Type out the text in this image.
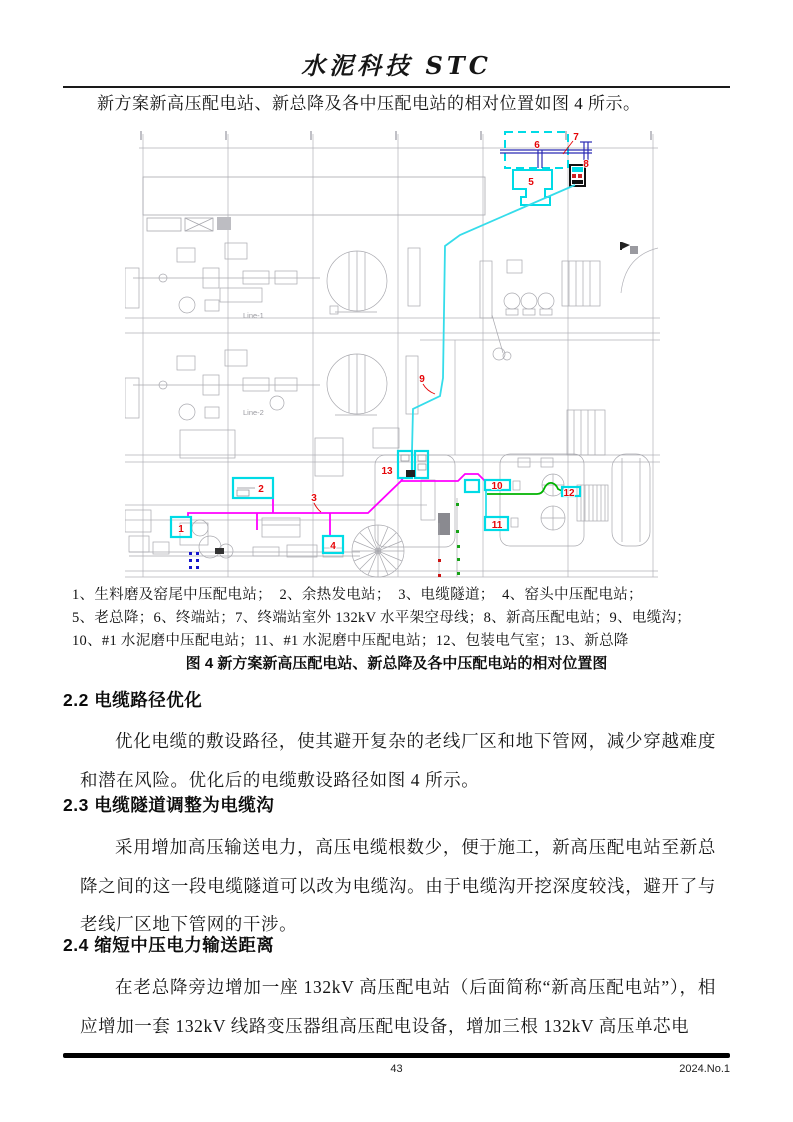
水泥科技 STC
新方案新高压配电站、新总降及各中压配电站的相对位置如图 4 所示。
Line-1
Line-2
1
2
3
4
5
6
7
8
9
10
11
12
13
1、生料磨及窑尾中压配电站；　2、余热发电站；　3、电缆隧道；　4、窑头中压配电站；
5、老总降；6、终端站；7、终端站室外 132kV 水平架空母线；8、新高压配电站；9、电缆沟；
10、#1 水泥磨中压配电站；11、#1 水泥磨中压配电站；12、包装电气室；13、新总降
图 4 新方案新高压配电站、新总降及各中压配电站的相对位置图
2.2 电缆路径优化
优化电缆的敷设路径，使其避开复杂的老线厂区和地下管网，减少穿越难度和潜在风险。优化后的电缆敷设路径如图 4 所示。
2.3 电缆隧道调整为电缆沟
采用增加高压输送电力，高压电缆根数少，便于施工，新高压配电站至新总降之间的这一段电缆隧道可以改为电缆沟。由于电缆沟开挖深度较浅，避开了与老线厂区地下管网的干涉。
2.4 缩短中压电力输送距离
在老总降旁边增加一座 132kV 高压配电站（后面简称“新高压配电站”），相应增加一套 132kV 线路变压器组高压配电设备，增加三根 132kV 高压单芯电
43	2024.No.1
